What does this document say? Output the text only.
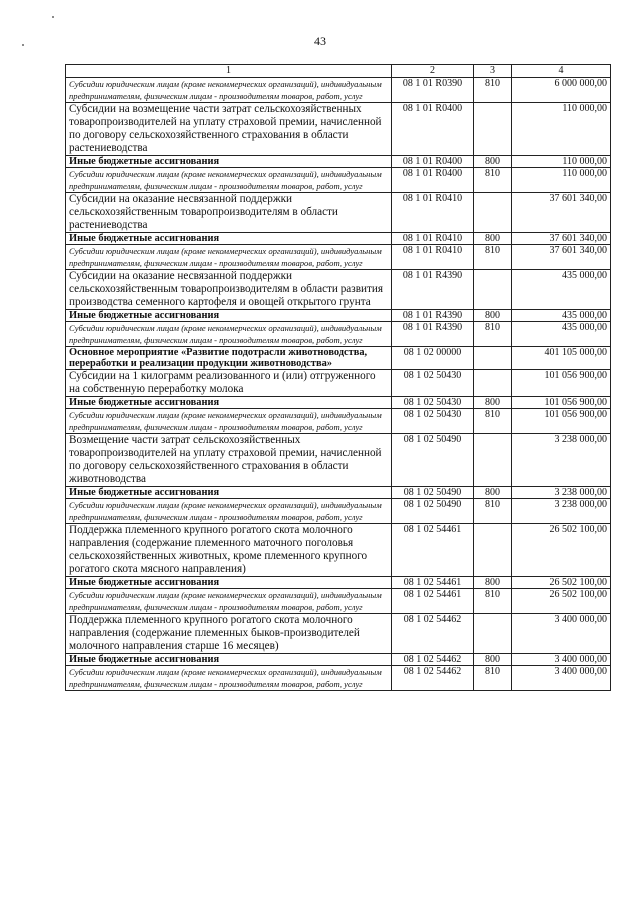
43
1	2	3	4
Субсидии юридическим лицам (кроме некоммерческих организаций), индивидуальным предпринимателям, физическим лицам - производителям товаров, работ, услуг	08 1 01 R0390	810	6 000 000,00
Субсидии на возмещение части затрат сельскохозяйственных товаропроизводителей на уплату страховой премии, начисленной по договору сельскохозяйственного страхования в области растениеводства	08 1 01 R0400		110 000,00
Иные бюджетные ассигнования	08 1 01 R0400	800	110 000,00
Субсидии юридическим лицам (кроме некоммерческих организаций), индивидуальным предпринимателям, физическим лицам - производителям товаров, работ, услуг	08 1 01 R0400	810	110 000,00
Субсидии на оказание несвязанной поддержки сельскохозяйственным товаропроизводителям в области растениеводства	08 1 01 R0410		37 601 340,00
Иные бюджетные ассигнования	08 1 01 R0410	800	37 601 340,00
Субсидии юридическим лицам (кроме некоммерческих организаций), индивидуальным предпринимателям, физическим лицам - производителям товаров, работ, услуг	08 1 01 R0410	810	37 601 340,00
Субсидии на оказание несвязанной поддержки сельскохозяйственным товаропроизводителям в области развития производства семенного картофеля и овощей открытого грунта	08 1 01 R4390		435 000,00
Иные бюджетные ассигнования	08 1 01 R4390	800	435 000,00
Субсидии юридическим лицам (кроме некоммерческих организаций), индивидуальным предпринимателям, физическим лицам - производителям товаров, работ, услуг	08 1 01 R4390	810	435 000,00
Основное мероприятие «Развитие подотрасли животноводства, переработки и реализации продукции животноводства»	08 1 02 00000		401 105 000,00
Субсидии на 1 килограмм реализованного и (или) отгруженного на собственную переработку молока	08 1 02 50430		101 056 900,00
Иные бюджетные ассигнования	08 1 02 50430	800	101 056 900,00
Субсидии юридическим лицам (кроме некоммерческих организаций), индивидуальным предпринимателям, физическим лицам - производителям товаров, работ, услуг	08 1 02 50430	810	101 056 900,00
Возмещение части затрат сельскохозяйственных товаропроизводителей на уплату страховой премии, начисленной по договору сельскохозяйственного страхования в области животноводства	08 1 02 50490		3 238 000,00
Иные бюджетные ассигнования	08 1 02 50490	800	3 238 000,00
Субсидии юридическим лицам (кроме некоммерческих организаций), индивидуальным предпринимателям, физическим лицам - производителям товаров, работ, услуг	08 1 02 50490	810	3 238 000,00
Поддержка племенного крупного рогатого скота молочного направления (содержание племенного маточного поголовья сельскохозяйственных животных, кроме племенного крупного рогатого скота мясного направления)	08 1 02 54461		26 502 100,00
Иные бюджетные ассигнования	08 1 02 54461	800	26 502 100,00
Субсидии юридическим лицам (кроме некоммерческих организаций), индивидуальным предпринимателям, физическим лицам - производителям товаров, работ, услуг	08 1 02 54461	810	26 502 100,00
Поддержка племенного крупного рогатого скота молочного направления (содержание племенных быков-производителей молочного направления старше 16 месяцев)	08 1 02 54462		3 400 000,00
Иные бюджетные ассигнования	08 1 02 54462	800	3 400 000,00
Субсидии юридическим лицам (кроме некоммерческих организаций), индивидуальным предпринимателям, физическим лицам - производителям товаров, работ, услуг	08 1 02 54462	810	3 400 000,00
